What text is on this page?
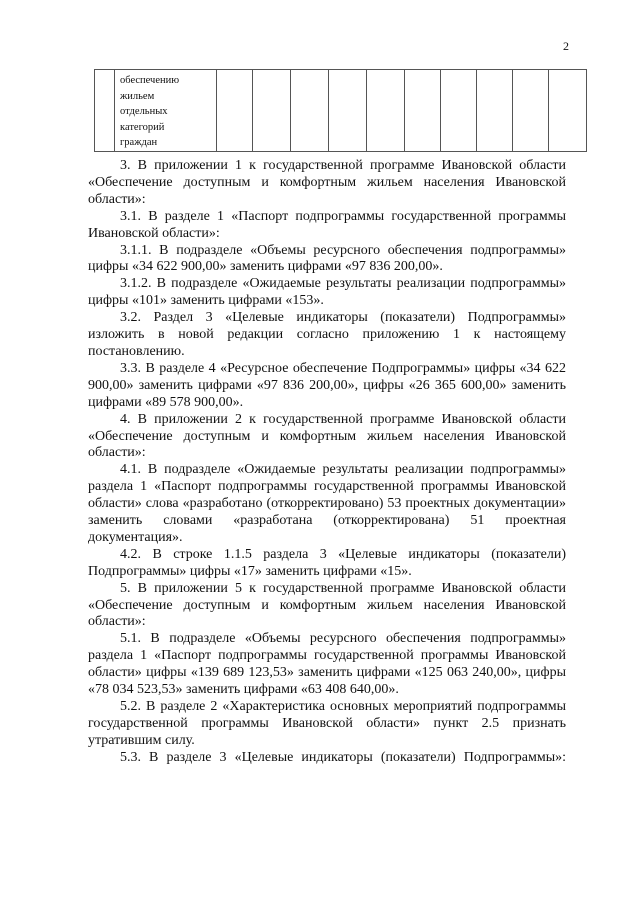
2

обеспечению
жильем
отдельных
категорий
граждан

3. В приложении 1 к государственной программе Ивановской области «Обеспечение доступным и комфортным жильем населения Ивановской области»:
3.1. В разделе 1 «Паспорт подпрограммы государственной программы Ивановской области»:
3.1.1. В подразделе «Объемы ресурсного обеспечения подпрограммы» цифры «34 622 900,00» заменить цифрами «97 836 200,00».
3.1.2. В подразделе «Ожидаемые результаты реализации подпрограммы» цифры «101» заменить цифрами «153».
3.2. Раздел 3 «Целевые индикаторы (показатели) Подпрограммы» изложить в новой редакции согласно приложению 1 к настоящему постановлению.
3.3. В разделе 4 «Ресурсное обеспечение Подпрограммы» цифры «34 622 900,00» заменить цифрами «97 836 200,00», цифры «26 365 600,00» заменить цифрами «89 578 900,00».
4. В приложении 2 к государственной программе Ивановской области «Обеспечение доступным и комфортным жильем населения Ивановской области»:
4.1. В подразделе «Ожидаемые результаты реализации подпрограммы» раздела 1 «Паспорт подпрограммы государственной программы Ивановской области» слова «разработано (откорректировано) 53 проектных документации» заменить словами «разработана (откорректирована) 51 проектная документация».
4.2. В строке 1.1.5 раздела 3 «Целевые индикаторы (показатели) Подпрограммы» цифры «17» заменить цифрами «15».
5. В приложении 5 к государственной программе Ивановской области «Обеспечение доступным и комфортным жильем населения Ивановской области»:
5.1. В подразделе «Объемы ресурсного обеспечения подпрограммы» раздела 1 «Паспорт подпрограммы государственной программы Ивановской области» цифры «139 689 123,53» заменить цифрами «125 063 240,00», цифры «78 034 523,53» заменить цифрами «63 408 640,00».
5.2. В разделе 2 «Характеристика основных мероприятий подпрограммы государственной программы Ивановской области» пункт 2.5 признать утратившим силу.
5.3. В разделе 3 «Целевые индикаторы (показатели) Подпрограммы»:
